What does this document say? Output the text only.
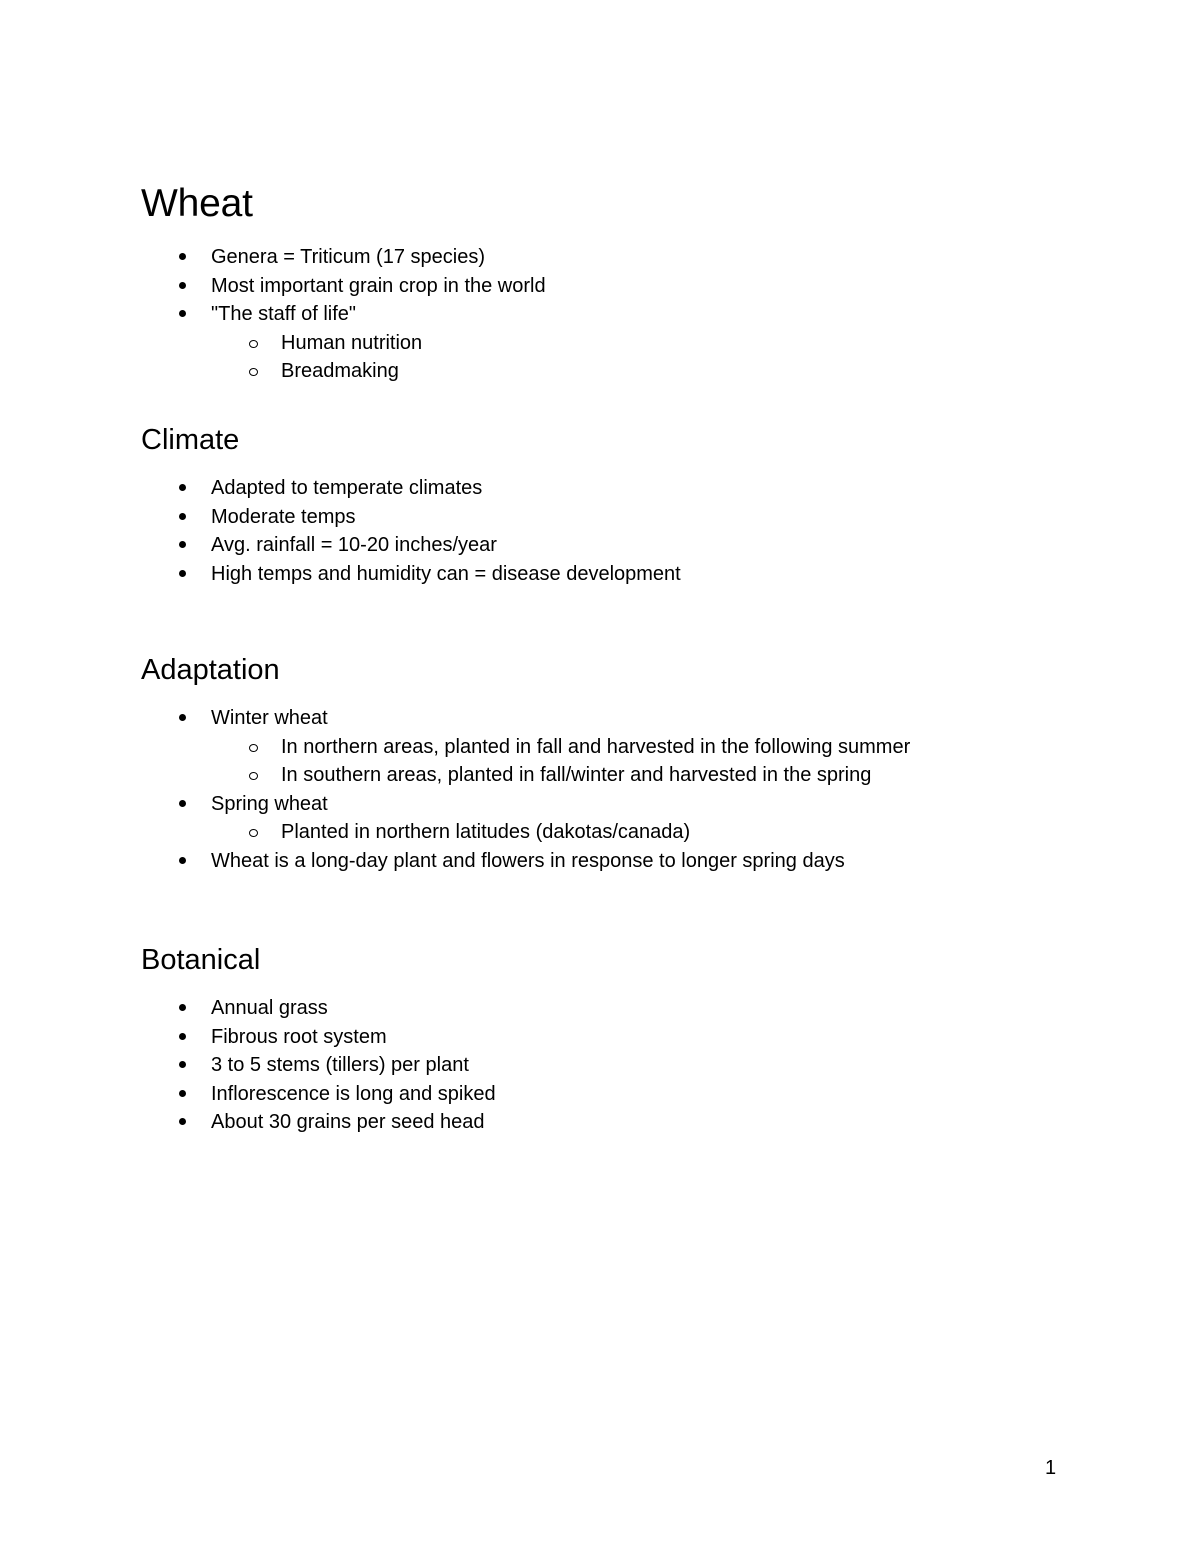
Wheat
Genera = Triticum (17 species)
Most important grain crop in the world
"The staff of life"
Human nutrition
Breadmaking
Climate
Adapted to temperate climates
Moderate temps
Avg. rainfall = 10-20 inches/year
High temps and humidity can = disease development
Adaptation
Winter wheat
In northern areas, planted in fall and harvested in the following summer
In southern areas, planted in fall/winter and harvested in the spring
Spring wheat
Planted in northern latitudes (dakotas/canada)
Wheat is a long-day plant and flowers in response to longer spring days
Botanical
Annual grass
Fibrous root system
3 to 5 stems (tillers) per plant
Inflorescence is long and spiked
About 30 grains per seed head
1
